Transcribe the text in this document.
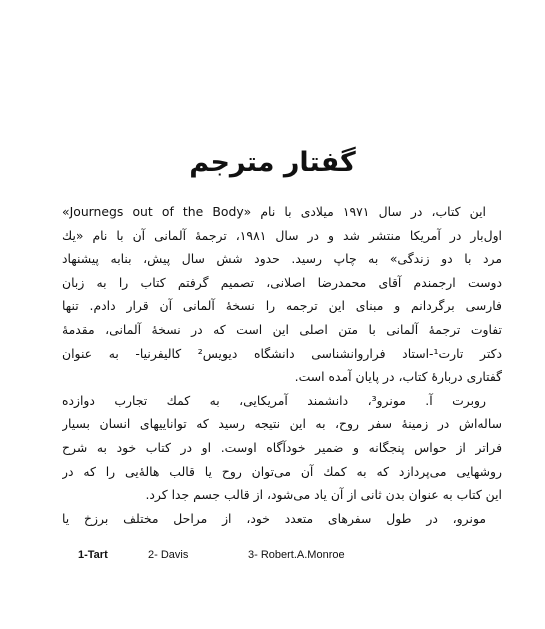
گفتار مترجم

این کتاب، در سال ۱۹۷۱ میلادی با نام «Journegs out of the Body»
اول‌بار در آمریکا منتشر شد و در سال ۱۹۸۱، ترجمهٔ آلمانی آن با نام «یك
مرد با دو زندگی» به چاپ رسید. حدود شش سال پیش، بنابه پیشنهاد
دوست ارجمندم آقای محمدرضا اصلانی، تصمیم گرفتم کتاب را به زبان
فارسی برگردانم و مبنای این ترجمه را نسخهٔ آلمانی آن قرار دادم. تنها
تفاوت ترجمهٔ آلمانی با متن اصلی این است که در نسخهٔ آلمانی، مقدمهٔ
دکتر تارت¹-استاد فراروانشناسی دانشگاه دیویس² کالیفرنیا- به عنوان
گفتاری دربارهٔ کتاب، در پایان آمده است.

روبرت آ. مونرو³، دانشمند آمریکایی، به کمك تجارب دوازده
ساله‌اش در زمینهٔ سفر روح، به این نتیجه رسید که تواناییهای انسان بسیار
فراتر از حواس پنجگانه و ضمیر خودآگاه اوست. او در کتاب خود به شرح
روشهایی می‌پردازد که به کمك آن می‌توان روح یا قالب هالهٔ‌یی را که در
این کتاب به عنوان بدن ثانی از آن یاد می‌شود، از قالب جسم جدا کرد.

مونرو، در طول سفرهای متعدد خود، از مراحل مختلف برزخ یا

1-Tart	2- Davis	3- Robert.A.Monroe
